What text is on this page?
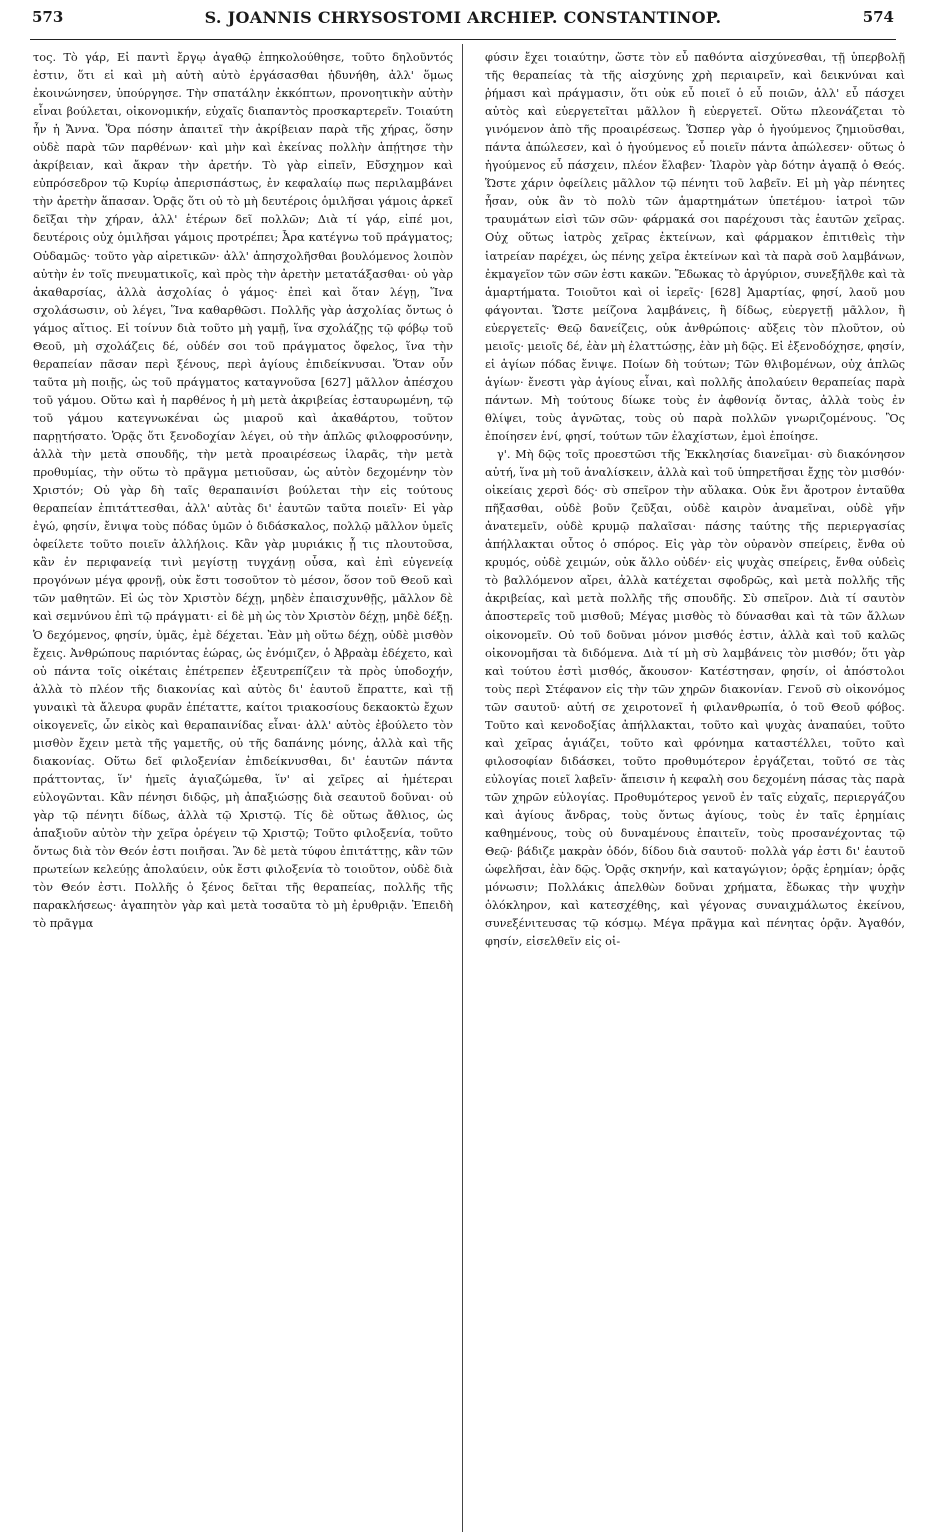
573	S. JOANNIS CHRYSOSTOMI ARCHIEP. CONSTANTINOP.	574

τος. Τὸ γάρ, Εἰ παντὶ ἔργῳ ἀγαθῷ ἐπηκολούθησε, τοῦτο δηλοῦντός ἐστιν, ὅτι εἰ καὶ μὴ αὐτὴ αὐτὸ ἐργάσασθαι ἠδυνήθη, ἀλλ' ὅμως ἐκοινώνησεν, ὑπούργησε. Τὴν σπατάλην ἐκκόπτων, προνοητικὴν αὐτὴν εἶναι βούλεται, οἰκονομικήν, εὐχαῖς διαπαντὸς προσκαρτερεῖν. Τοιαύτη ἦν ἡ Ἄννα. Ὅρα πόσην ἀπαιτεῖ τὴν ἀκρίβειαν παρὰ τῆς χήρας, ὅσην οὐδὲ παρὰ τῶν παρθένων· καὶ μὴν καὶ ἐκείνας πολλὴν ἀπῄτησε τὴν ἀκρίβειαν, καὶ ἄκραν τὴν ἀρετήν. Τὸ γὰρ εἰπεῖν, Εὔσχημον καὶ εὐπρόσεδρον τῷ Κυρίῳ ἀπερισπάστως, ἐν κεφαλαίῳ πως περιλαμβάνει τὴν ἀρετὴν ἅπασαν. Ὁρᾷς ὅτι οὐ τὸ μὴ δευτέροις ὁμιλῆσαι γάμοις ἀρκεῖ δεῖξαι τὴν χήραν, ἀλλ' ἑτέρων δεῖ πολλῶν; Διὰ τί γάρ, εἰπέ μοι, δευτέροις οὐχ ὁμιλῆσαι γάμοις προτρέπει; Ἆρα κατέγνω τοῦ πράγματος; Οὐδαμῶς· τοῦτο γὰρ αἱρετικῶν· ἀλλ' ἀπησχολῆσθαι βουλόμενος λοιπὸν αὐτὴν ἐν τοῖς πνευματικοῖς, καὶ πρὸς τὴν ἀρετὴν μετατάξασθαι· οὐ γὰρ ἀκαθαρσίας, ἀλλὰ ἀσχολίας ὁ γάμος· ἐπεὶ καὶ ὅταν λέγῃ, Ἵνα σχολάσωσιν, οὐ λέγει, Ἵνα καθαρθῶσι. Πολλῆς γὰρ ἀσχολίας ὄντως ὁ γάμος αἴτιος. Εἰ τοίνυν διὰ τοῦτο μὴ γαμῇ, ἵνα σχολάζῃς τῷ φόβῳ τοῦ Θεοῦ, μὴ σχολάζεις δέ, οὐδέν σοι τοῦ πράγματος ὄφελος, ἵνα τὴν θεραπείαν πᾶσαν περὶ ξένους, περὶ ἁγίους ἐπιδείκνυσαι. Ὅταν οὖν ταῦτα μὴ ποιῇς, ὡς τοῦ πράγματος καταγνοῦσα [627] μᾶλλον ἀπέσχου τοῦ γάμου. Οὕτω καὶ ἡ παρθένος ἡ μὴ μετὰ ἀκριβείας ἐσταυρωμένη, τῷ τοῦ γάμου κατεγνωκέναι ὡς μιαροῦ καὶ ἀκαθάρτου, τοῦτον παρῃτήσατο. Ὁρᾷς ὅτι ξενοδοχίαν λέγει, οὐ τὴν ἁπλῶς φιλοφροσύνην, ἀλλὰ τὴν μετὰ σπουδῆς, τὴν μετὰ προαιρέσεως ἱλαρᾶς, τὴν μετὰ προθυμίας, τὴν οὕτω τὸ πρᾶγμα μετιοῦσαν, ὡς αὐτὸν δεχομένην τὸν Χριστόν; Οὐ γὰρ δὴ ταῖς θεραπαινίσι βούλεται τὴν εἰς τούτους θεραπείαν ἐπιτάττεσθαι, ἀλλ' αὐτὰς δι' ἑαυτῶν ταῦτα ποιεῖν· Εἰ γὰρ ἐγώ, φησίν, ἔνιψα τοὺς πόδας ὑμῶν ὁ διδάσκαλος, πολλῷ μᾶλλον ὑμεῖς ὀφείλετε τοῦτο ποιεῖν ἀλλήλοις. Κἂν γὰρ μυριάκις ᾖ τις πλουτοῦσα, κἂν ἐν περιφανείᾳ τινὶ μεγίστῃ τυγχάνῃ οὖσα, καὶ ἐπὶ εὐγενείᾳ προγόνων μέγα φρονῇ, οὐκ ἔστι τοσοῦτον τὸ μέσον, ὅσον τοῦ Θεοῦ καὶ τῶν μαθητῶν. Εἰ ὡς τὸν Χριστὸν δέχῃ, μηδὲν ἐπαισχυνθῇς, μᾶλλον δὲ καὶ σεμνύνου ἐπὶ τῷ πράγματι· εἰ δὲ μὴ ὡς τὸν Χριστὸν δέχῃ, μηδὲ δέξῃ. Ὁ δεχόμενος, φησίν, ὑμᾶς, ἐμὲ δέχεται. Ἐὰν μὴ οὕτω δέχῃ, οὐδὲ μισθὸν ἔχεις. Ἀνθρώπους παριόντας ἑώρας, ὡς ἐνόμιζεν, ὁ Ἀβραὰμ ἐδέχετο, καὶ οὐ πάντα τοῖς οἰκέταις ἐπέτρεπεν ἐξευτρεπίζειν τὰ πρὸς ὑποδοχήν, ἀλλὰ τὸ πλέον τῆς διακονίας καὶ αὐτὸς δι' ἑαυτοῦ ἔπραττε, καὶ τῇ γυναικὶ τὰ ἄλευρα φυρᾶν ἐπέταττε, καίτοι τριακοσίους δεκαοκτὼ ἔχων οἰκογενεῖς, ὧν εἰκὸς καὶ θεραπαινίδας εἶναι· ἀλλ' αὐτὸς ἐβούλετο τὸν μισθὸν ἔχειν μετὰ τῆς γαμετῆς, οὐ τῆς δαπάνης μόνης, ἀλλὰ καὶ τῆς διακονίας. Οὕτω δεῖ φιλοξενίαν ἐπιδείκνυσθαι, δι' ἑαυτῶν πάντα πράττοντας, ἵν' ἡμεῖς ἁγιαζώμεθα, ἵν' αἱ χεῖρες αἱ ἡμέτεραι εὐλογῶνται. Κἂν πένησι διδῷς, μὴ ἀπαξιώσῃς διὰ σεαυτοῦ δοῦναι· οὐ γὰρ τῷ πένητι δίδως, ἀλλὰ τῷ Χριστῷ. Τίς δὲ οὕτως ἄθλιος, ὡς ἀπαξιοῦν αὐτὸν τὴν χεῖρα ὀρέγειν τῷ Χριστῷ; Τοῦτο φιλοξενία, τοῦτο ὄντως διὰ τὸν Θεόν ἐστι ποιῆσαι. Ἂν δὲ μετὰ τύφου ἐπιτάττῃς, κἂν τῶν πρωτείων κελεύῃς ἀπολαύειν, οὐκ ἔστι φιλοξενία τὸ τοιοῦτον, οὐδὲ διὰ τὸν Θεόν ἐστι. Πολλῆς ὁ ξένος δεῖται τῆς θεραπείας, πολλῆς τῆς παρακλήσεως· ἀγαπητὸν γὰρ καὶ μετὰ τοσαῦτα τὸ μὴ ἐρυθριᾷν. Ἐπειδὴ τὸ πρᾶγμα

φύσιν ἔχει τοιαύτην, ὥστε τὸν εὖ παθόντα αἰσχύνεσθαι, τῇ ὑπερβολῇ τῆς θεραπείας τὰ τῆς αἰσχύνης χρὴ περιαιρεῖν, καὶ δεικνύναι καὶ ῥήμασι καὶ πράγμασιν, ὅτι οὐκ εὖ ποιεῖ ὁ εὖ ποιῶν, ἀλλ' εὖ πάσχει αὐτὸς καὶ εὐεργετεῖται μᾶλλον ἢ εὐεργετεῖ. Οὕτω πλεονάζεται τὸ γινόμενον ἀπὸ τῆς προαιρέσεως. Ὥσπερ γὰρ ὁ ἡγούμενος ζημιοῦσθαι, πάντα ἀπώλεσεν, καὶ ὁ ἡγούμενος εὖ ποιεῖν πάντα ἀπώλεσεν· οὕτως ὁ ἡγούμενος εὖ πάσχειν, πλέον ἔλαβεν· Ἱλαρὸν γὰρ δότην ἀγαπᾷ ὁ Θεός. Ὥστε χάριν ὀφείλεις μᾶλλον τῷ πένητι τοῦ λαβεῖν. Εἰ μὴ γὰρ πένητες ἦσαν, οὐκ ἂν τὸ πολὺ τῶν ἁμαρτημάτων ὑπετέμου· ἰατροὶ τῶν τραυμάτων εἰσὶ τῶν σῶν· φάρμακά σοι παρέχουσι τὰς ἑαυτῶν χεῖρας. Οὐχ οὕτως ἰατρὸς χεῖρας ἐκτείνων, καὶ φάρμακον ἐπιτιθεὶς τὴν ἰατρείαν παρέχει, ὡς πένης χεῖρα ἐκτείνων καὶ τὰ παρὰ σοῦ λαμβάνων, ἐκμαγεῖον τῶν σῶν ἐστι κακῶν. Ἔδωκας τὸ ἀργύριον, συνεξῆλθε καὶ τὰ ἁμαρτήματα. Τοιοῦτοι καὶ οἱ ἱερεῖς· [628] Ἁμαρτίας, φησί, λαοῦ μου φάγονται. Ὥστε μείζονα λαμβάνεις, ἢ δίδως, εὐεργετῇ μᾶλλον, ἢ εὐεργετεῖς· Θεῷ δανείζεις, οὐκ ἀνθρώποις· αὔξεις τὸν πλοῦτον, οὐ μειοῖς· μειοῖς δέ, ἐὰν μὴ ἐλαττώσῃς, ἐὰν μὴ δῷς. Εἰ ἐξενοδόχησε, φησίν, εἰ ἁγίων πόδας ἔνιψε. Ποίων δὴ τούτων; Τῶν θλιβομένων, οὐχ ἁπλῶς ἁγίων· ἔνεστι γὰρ ἁγίους εἶναι, καὶ πολλῆς ἀπολαύειν θεραπείας παρὰ πάντων. Μὴ τούτους δίωκε τοὺς ἐν ἀφθονίᾳ ὄντας, ἀλλὰ τοὺς ἐν θλίψει, τοὺς ἀγνῶτας, τοὺς οὐ παρὰ πολλῶν γνωριζομένους. Ὃς ἐποίησεν ἑνί, φησί, τούτων τῶν ἐλαχίστων, ἐμοὶ ἐποίησε.

γ'. Μὴ δῷς τοῖς προεστῶσι τῆς Ἐκκλησίας διανεῖμαι· σὺ διακόνησον αὐτή, ἵνα μὴ τοῦ ἀναλίσκειν, ἀλλὰ καὶ τοῦ ὑπηρετῆσαι ἔχῃς τὸν μισθόν· οἰκείαις χερσὶ δός· σὺ σπεῖρον τὴν αὔλακα. Οὐκ ἔνι ἄροτρον ἐνταῦθα πῆξασθαι, οὐδὲ βοῦν ζεῦξαι, οὐδὲ καιρὸν ἀναμεῖναι, οὐδὲ γῆν ἀνατεμεῖν, οὐδὲ κρυμῷ παλαῖσαι· πάσης ταύτης τῆς περιεργασίας ἀπήλλακται οὗτος ὁ σπόρος. Εἰς γὰρ τὸν οὐρανὸν σπείρεις, ἔνθα οὐ κρυμός, οὐδὲ χειμών, οὐκ ἄλλο οὐδέν· εἰς ψυχὰς σπείρεις, ἔνθα οὐδεὶς τὸ βαλλόμενον αἴρει, ἀλλὰ κατέχεται σφοδρῶς, καὶ μετὰ πολλῆς τῆς ἀκριβείας, καὶ μετὰ πολλῆς τῆς σπουδῆς. Σὺ σπεῖρον. Διὰ τί σαυτὸν ἀποστερεῖς τοῦ μισθοῦ; Μέγας μισθὸς τὸ δύνασθαι καὶ τὰ τῶν ἄλλων οἰκονομεῖν. Οὐ τοῦ δοῦναι μόνον μισθός ἐστιν, ἀλλὰ καὶ τοῦ καλῶς οἰκονομῆσαι τὰ διδόμενα. Διὰ τί μὴ σὺ λαμβάνεις τὸν μισθόν; ὅτι γὰρ καὶ τούτου ἐστὶ μισθός, ἄκουσον· Κατέστησαν, φησίν, οἱ ἀπόστολοι τοὺς περὶ Στέφανον εἰς τὴν τῶν χηρῶν διακονίαν. Γενοῦ σὺ οἰκονόμος τῶν σαυτοῦ· αὐτή σε χειροτονεῖ ἡ φιλανθρωπία, ὁ τοῦ Θεοῦ φόβος. Τοῦτο καὶ κενοδοξίας ἀπήλλακται, τοῦτο καὶ ψυχὰς ἀναπαύει, τοῦτο καὶ χεῖρας ἁγιάζει, τοῦτο καὶ φρόνημα καταστέλλει, τοῦτο καὶ φιλοσοφίαν διδάσκει, τοῦτο προθυμότερον ἐργάζεται, τοῦτό σε τὰς εὐλογίας ποιεῖ λαβεῖν· ἄπεισιν ἡ κεφαλὴ σου δεχομένη πάσας τὰς παρὰ τῶν χηρῶν εὐλογίας. Προθυμότερος γενοῦ ἐν ταῖς εὐχαῖς, περιεργάζου καὶ ἁγίους ἄνδρας, τοὺς ὄντως ἁγίους, τοὺς ἐν ταῖς ἐρημίαις καθημένους, τοὺς οὐ δυναμένους ἐπαιτεῖν, τοὺς προσανέχοντας τῷ Θεῷ· βάδιζε μακρὰν ὁδόν, δίδου διὰ σαυτοῦ· πολλὰ γάρ ἐστι δι' ἑαυτοῦ ὠφελῆσαι, ἐὰν δῷς. Ὁρᾷς σκηνήν, καὶ καταγώγιον; ὁρᾷς ἐρημίαν; ὁρᾷς μόνωσιν; Πολλάκις ἀπελθὼν δοῦναι χρήματα, ἔδωκας τὴν ψυχὴν ὁλόκληρον, καὶ κατεσχέθης, καὶ γέγονας συναιχμάλωτος ἐκείνου, συνεξένιτευσας τῷ κόσμῳ. Μέγα πρᾶγμα καὶ πένητας ὁρᾷν. Ἀγαθόν, φησίν, εἰσελθεῖν εἰς οἰ-
